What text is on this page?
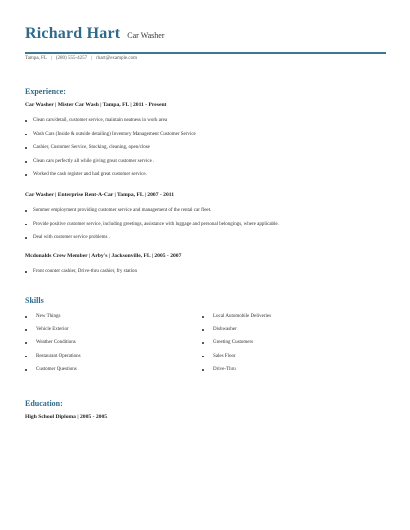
Richard Hart Car Washer
Tampa, FL | (280) 555-4257 | rhart@example.com
Experience:
Car Washer | Mister Car Wash | Tampa, FL | 2011 - Present
Clean cars/detail, customer service, maintain neatness in work area
Wash Cars (Inside & outside detailing) Inventory Management Customer Service
Cashier, Customer Service, Stocking, cleaning, open/close
Clean cars perfectly all while giving great customer service .
Worked the cash register and had great customer service.
Car Washer | Enterprise Rent-A-Car | Tampa, FL | 2007 - 2011
Summer employment providing customer service and management of the rental car fleet.
Provide positive customer service, including greetings, assistance with luggage and personal belongings, where applicable.
Deal with customer service problems .
Mcdonalds Crew Member | Arby's | Jacksonville, FL | 2005 - 2007
Front counter cashier, Drive-thru cashier, fry station
Skills
New Things
Vehicle Exterior
Weather Conditions
Restaurant Operations
Customer Questions
Local Automobile Deliveries
Dishwasher
Greeting Customers
Sales Floor
Drive-Thru
Education:
High School Diploma | 2005 - 2005
